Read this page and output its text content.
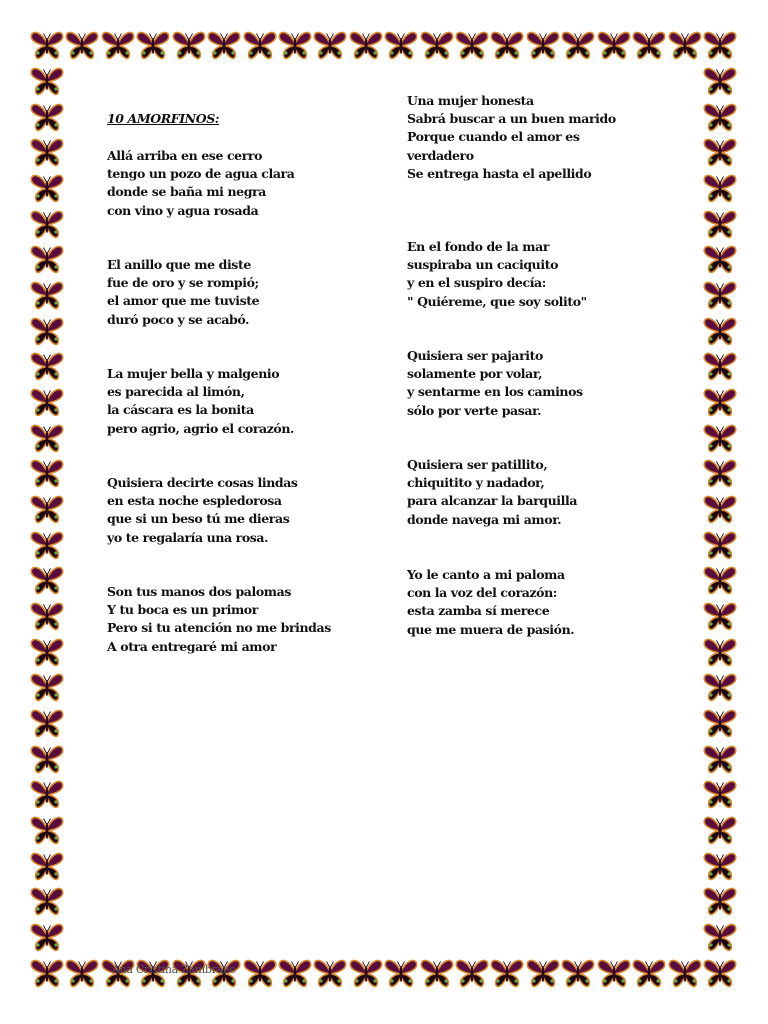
10 AMORFINOS:
Allá arriba en ese cerro
tengo un pozo de agua clara
donde se baña mi negra
con vino y agua rosada
El anillo que me diste
fue de oro y se rompió;
el amor que me tuviste
duró poco y se acabó.
La mujer bella y malgenio
es parecida al limón,
la cáscara es la bonita
pero agrio, agrio el corazón.
Quisiera decirte cosas lindas
en esta noche espledorosa
que si un beso tú me dieras
yo te regalaría una rosa.
Son tus manos dos palomas
Y tu boca es un primor
Pero si tu atención no me brindas
A otra entregaré mi amor
Una mujer honesta
Sabrá buscar a un buen marido
Porque cuando el amor es
verdadero
Se entrega hasta el apellido
En el fondo de la mar
suspiraba un caciquito
y en el suspiro decía:
" Quiéreme, que soy solito"
Quisiera ser pajarito
solamente por volar,
y sentarme en los caminos
sólo por verte pasar.
Quisiera ser patillito,
chiquitito y nadador,
para alcanzar la barquilla
donde navega mi amor.
Yo le canto a mi paloma
con la voz del corazón:
esta zamba sí merece
que me muera de pasión.
Ana Cristina Zambrano
